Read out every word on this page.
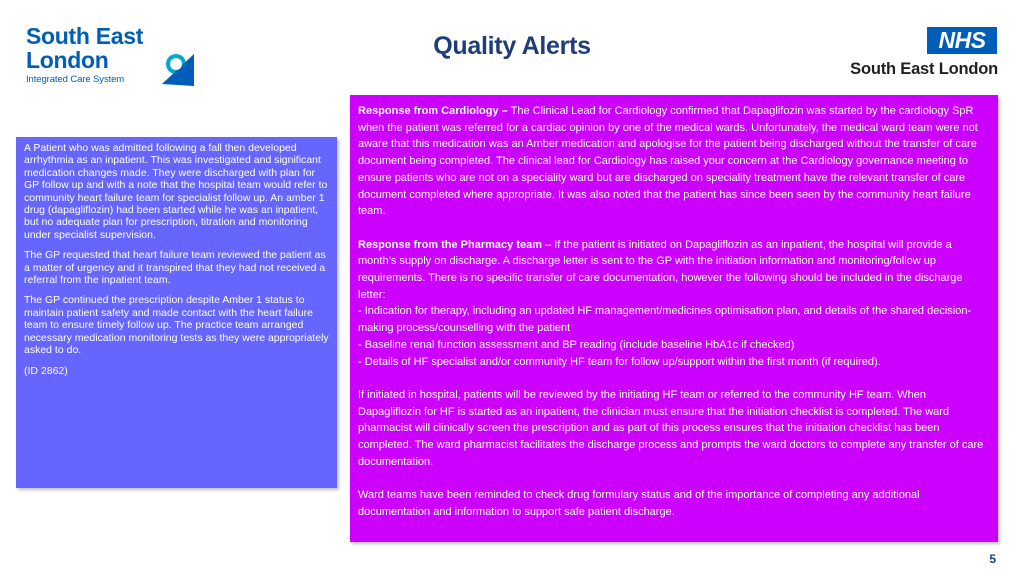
South East
London
Integrated Care System
Quality Alerts	NHS
South East London

A Patient who was admitted following a fall then developed arrhythmia as an inpatient. This was investigated and significant medication changes made. They were discharged with plan for GP follow up and with a note that the hospital team would refer to community heart failure team for specialist follow up. An amber 1 drug (dapagliflozin) had been started while he was an inpatient, but no adequate plan for prescription, titration and monitoring under specialist supervision.

The GP requested that heart failure team reviewed the patient as a matter of urgency and it transpired that they had not received a referral from the inpatient team.

The GP continued the prescription despite Amber 1 status to maintain patient safety and made contact with the heart failure team to ensure timely follow up. The practice team arranged necessary medication monitoring tests as they were appropriately asked to do.

(ID 2862)

Response from Cardiology – The Clinical Lead for Cardiology confirmed that Dapaglifozin was started by the cardiology SpR when the patient was referred for a cardiac opinion by one of the medical wards. Unfortunately, the medical ward team were not aware that this medication was an Amber medication and apologise for the patient being discharged without the transfer of care document being completed. The clinical lead for Cardiology has raised your concern at the Cardiology governance meeting to ensure patients who are not on a speciality ward but are discharged on speciality treatment have the relevant transfer of care document completed where appropriate. It was also noted that the patient has since been seen by the community heart failure team.

Response from the Pharmacy team – If the patient is initiated on Dapagliflozin as an inpatient, the hospital will provide a month’s supply on discharge. A discharge letter is sent to the GP with the initiation information and monitoring/follow up requirements. There is no specific transfer of care documentation, however the following should be included in the discharge letter:

- Indication for therapy, including an updated HF management/medicines optimisation plan, and details of the shared decision-making process/counselling with the patient

- Baseline renal function assessment and BP reading (include baseline HbA1c if checked)

- Details of HF specialist and/or community HF team for follow up/support within the first month (if required).

If initiated in hospital, patients will be reviewed by the initiating HF team or referred to the community HF team. When Dapagliflozin for HF is started as an inpatient, the clinician must ensure that the initiation checklist is completed. The ward pharmacist will clinically screen the prescription and as part of this process ensures that the initiation checklist has been completed. The ward pharmacist facilitates the discharge process and prompts the ward doctors to complete any transfer of care documentation.

Ward teams have been reminded to check drug formulary status and of the importance of completing any additional documentation and information to support safe patient discharge.

5
